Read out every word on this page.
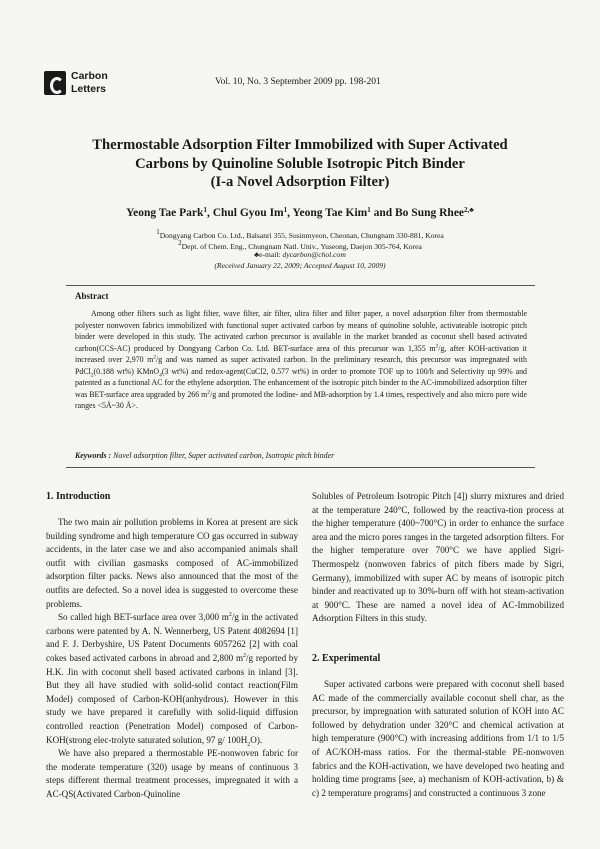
Carbon
Letters
Vol. 10, No. 3 September 2009 pp. 198-201
Thermostable Adsorption Filter Immobilized with Super Activated
Carbons by Quinoline Soluble Isotropic Pitch Binder
(I-a Novel Adsorption Filter)
Yeong Tae Park$^1$, Chul Gyou Im$^1$, Yeong Tae Kim$^1$ and Bo Sung Rhee$^{2,♣}$
$^1$Dongyang Carbon Co. Ltd., Balsanri 355, Susinmyeon, Cheonan, Chungnam 330-881, Korea
$^2$Dept. of Chem. Eng., Chungnam Natl. Univ., Yuseong, Daejon 305-764, Korea
♣e-mail: dycarbon@chol.com
(Received January 22, 2009; Accepted August 10, 2009)
Abstract
Among other filters such as light filter, wave filter, air filter, ultra filter and filter paper, a novel adsorption filter from thermostable polyester nonwoven fabrics immobilized with functional super activated carbon by means of quinoline soluble, activateable isotropic pitch binder were developed in this study. The activated carbon precursor is available in the market branded as coconut shell based activated carbon(CCS-AC) produced by Dongyang Carbon Co. Ltd. BET-surface area of this precursor was 1,355 $m^2/g$, after KOH-activation it increased over 2,970 $m^2/g$ and was named as super activated carbon. In the preliminary research, this precursor was impregnated with PdCl$_2$(0.188 wt%) KMnO$_4$(3 wt%) and redox-agent(CuCl2, 0.577 wt%) in order to promote TOF up to 100/h and Selectivity up 99% and patented as a functional AC for the ethylene adsorption. The enhancement of the isotropic pitch binder to the AC-immobilized adsorption filter was BET-surface area upgraded by 266 $m^2/g$ and promoted the Iodine- and MB-adsorption by 1.4 times, respectively and also micro pore wide ranges <5Å~30 Å>.
Keywords : Novel adsorption filter, Super activated carbon, Isotropic pitch binder
1. Introduction

The two main air pollution problems in Korea at present are sick building syndrome and high temperature CO gas occurred in subway accidents, in the later case we and also accompanied animals shall outfit with civilian gasmasks composed of AC-immobilized adsorption filter packs. News also announced that the most of the outfits are defected. So a novel idea is suggested to overcome these problems.

So called high BET-surface area over 3,000 $m^2/g$ in the activated carbons were patented by A. N. Wennerberg, US Patent 4082694 [1] and F. J. Derbyshire, US Patent Documents 6057262 [2] with coal cokes based activated carbons in abroad and 2,800 $m^2/g$ reported by H.K. Jin with coconut shell based activated carbons in inland [3]. But they all have studied with solid-solid contact reaction(Film Model) composed of Carbon-KOH(anhydrous). However in this study we have prepared it carefully with solid-liquid diffusion controlled reaction (Penetration Model) composed of Carbon-KOH(strong elec-trolyte saturated solution, 97 g/ $100H_2O$).

We have also prepared a thermostable PE-nonwoven fabric for the moderate temperature (320) usage by means of continuous 3 steps different thermal treatment processes, impregnated it with a AC-QS(Activated Carbon-Quinoline

Solubles of Petroleum Isotropic Pitch [4]) slurry mixtures and dried at the temperature 240°C, followed by the reactiva-tion process at the higher temperature (400~700°C) in order to enhance the surface area and the micro pores ranges in the targeted adsorption filters. For the higher temperature over 700°C we have applied Sigri-Thermospelz (nonwoven fabrics of pitch fibers made by Sigri, Germany), immobilized with super AC by means of isotropic pitch binder and reactivated up to 30%-burn off with hot steam-activation at 900°C. These are named a novel idea of AC-Immobilized Adsorption Filters in this study.

2. Experimental

Super activated carbons were prepared with coconut shell based AC made of the commercially available coconut shell char, as the precursor, by impregnation with saturated solution of KOH into AC followed by dehydration under 320°C and chemical activation at high temperature (900°C) with increasing additions from 1/1 to 1/5 of AC/KOH-mass ratios. For the thermal-stable PE-nonwoven fabrics and the KOH-activation, we have developed two heating and holding time programs [see, a) mechanism of KOH-activation, b) & c) 2 temperature programs] and constructed a continuous 3 zone
